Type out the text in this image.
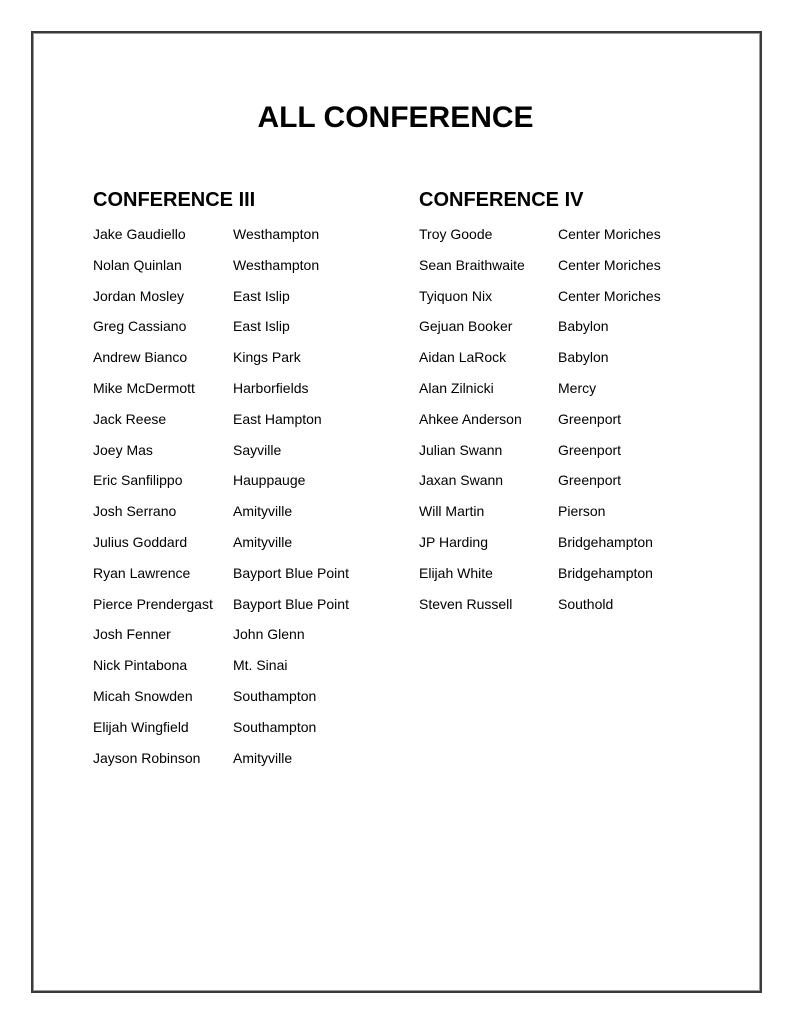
ALL CONFERENCE
CONFERENCE III
Jake Gaudiello	Westhampton
Nolan Quinlan	Westhampton
Jordan Mosley	East Islip
Greg Cassiano	East Islip
Andrew Bianco	Kings Park
Mike McDermott	Harborfields
Jack Reese	East Hampton
Joey Mas	Sayville
Eric Sanfilippo	Hauppauge
Josh Serrano	Amityville
Julius Goddard	Amityville
Ryan Lawrence	Bayport Blue Point
Pierce Prendergast Bayport Blue Point
Josh Fenner	John Glenn
Nick Pintabona	Mt. Sinai
Micah Snowden	Southampton
Elijah Wingfield	Southampton
Jayson Robinson Amityville
CONFERENCE IV
Troy Goode	Center Moriches
Sean Braithwaite Center Moriches
Tyiquon Nix	Center Moriches
Gejuan Booker	Babylon
Aidan LaRock	Babylon
Alan Zilnicki	Mercy
Ahkee Anderson	Greenport
Julian Swann	Greenport
Jaxan Swann	Greenport
Will Martin	Pierson
JP Harding	Bridgehampton
Elijah White	Bridgehampton
Steven Russell	Southold
